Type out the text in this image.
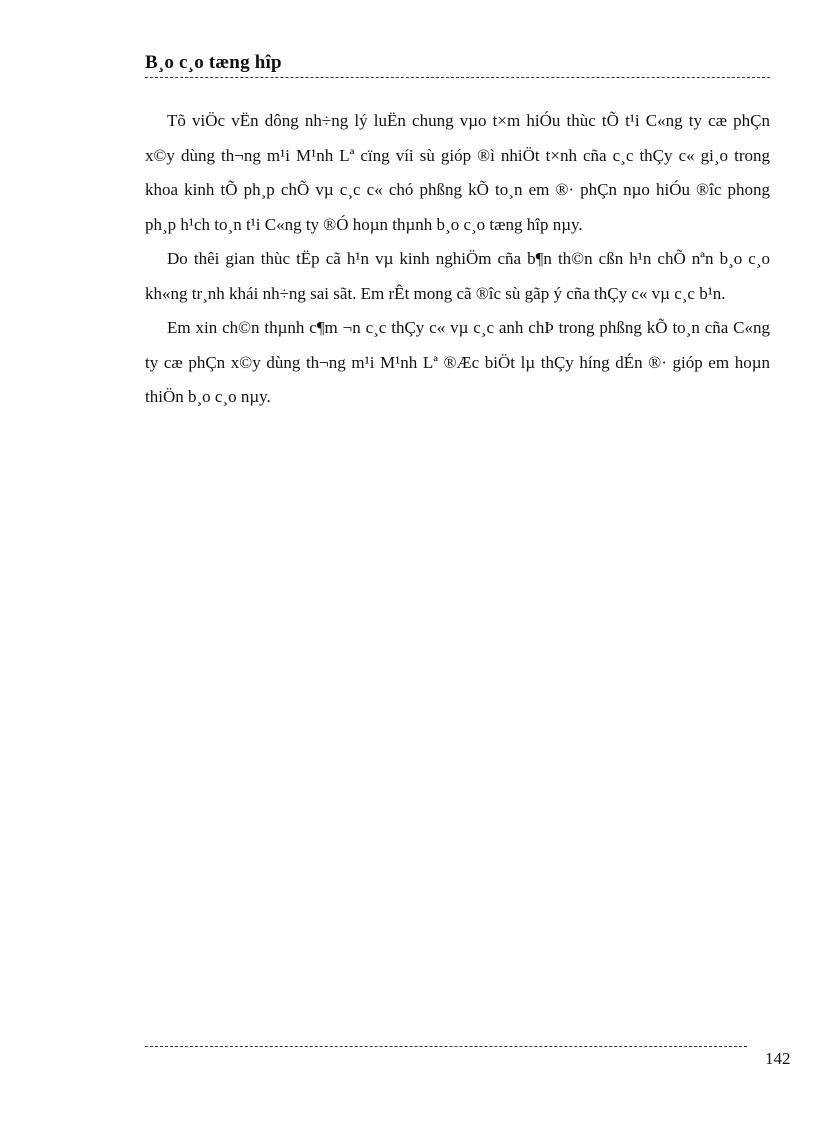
B¸o c¸o tæng hîp

Tõ viÖc vËn dông nh÷ng lý luËn chung vµo t×m hiÓu thùc tÕ t¹i C«ng ty cæ phÇn x©y dùng th¬ng m¹i M¹nh Lª cïng víi sù gióp ®ì nhiÖt t×nh cña c¸c thÇy c« gi¸o trong khoa kinh tÕ ph¸p chÕ vµ c¸c c« chó phßng kÕ to¸n em ®· phÇn nµo hiÓu ®îc phong ph¸p h¹ch to¸n t¹i C«ng ty ®Ó hoµn thµnh b¸o c¸o tæng hîp nµy.

Do thêi gian thùc tËp cã h¹n vµ kinh nghiÖm cña b¶n th©n cßn h¹n chÕ nªn b¸o c¸o kh«ng tr¸nh khái nh÷ng sai sãt. Em rÊt mong cã ®îc sù gãp ý cña thÇy c« vµ c¸c b¹n.

Em xin ch©n thµnh c¶m ¬n c¸c thÇy c« vµ c¸c anh chÞ trong phßng kÕ to¸n cña C«ng ty cæ phÇn x©y dùng th¬ng m¹i M¹nh Lª ®Æc biÖt lµ thÇy híng dÉn ®· gióp em hoµn thiÖn b¸o c¸o nµy.

142
